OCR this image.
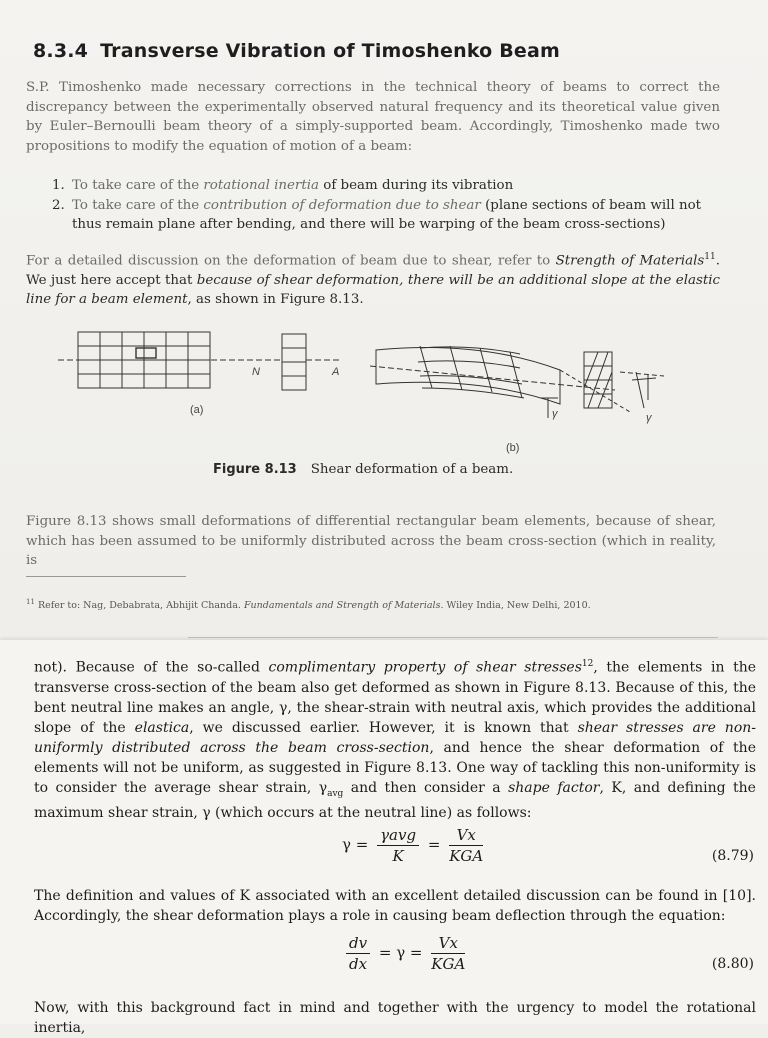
8.3.4 Transverse Vibration of Timoshenko Beam

S.P. Timoshenko made necessary corrections in the technical theory of beams to correct the discrepancy between the experimentally observed natural frequency and its theoretical value given by Euler–Bernoulli beam theory of a simply-supported beam. Accordingly, Timoshenko made two propositions to modify the equation of motion of a beam:

1. To take care of the rotational inertia of beam during its vibration
2. To take care of the contribution of deformation due to shear (plane sections of beam will not thus remain plane after bending, and there will be warping of the beam cross-sections)

For a detailed discussion on the deformation of beam due to shear, refer to Strength of Materials$^{11}$. We just here accept that because of shear deformation, there will be an additional slope at the elastic line for a beam element, as shown in Figure 8.13.

(a)
N	A
γ	γ
(b)
Figure 8.13 Shear deformation of a beam.

Figure 8.13 shows small deformations of differential rectangular beam elements, because of shear, which has been assumed to be uniformly distributed across the beam cross-section (which in reality, is

$^{11}$ Refer to: Nag, Debabrata, Abhijit Chanda. Fundamentals and Strength of Materials. Wiley India, New Delhi, 2010.

not). Because of the so-called complimentary property of shear stresses$^{12}$, the elements in the transverse cross-section of the beam also get deformed as shown in Figure 8.13. Because of this, the bent neutral line makes an angle, γ, the shear-strain with neutral axis, which provides the additional slope of the elastica, we discussed earlier. However, it is known that shear stresses are non-uniformly distributed across the beam cross-section, and hence the shear deformation of the elements will not be uniform, as suggested in Figure 8.13. One way of tackling this non-uniformity is to consider the average shear strain, $\gamma_{avg}$ and then consider a shape factor, K, and defining the maximum shear strain, γ (which occurs at the neutral line) as follows:

$\gamma = \frac{\text{γavg}}{K} = \frac{Vx}{\text{KGA}}$	(8.79)

The definition and values of K associated with an excellent detailed discussion can be found in [10]. Accordingly, the shear deformation plays a role in causing beam deflection through the equation:

$\frac{dv}{dx} = \gamma = \frac{Vx}{\text{KGA}}$	(8.80)

Now, with this background fact in mind and together with the urgency to model the rotational inertia,
